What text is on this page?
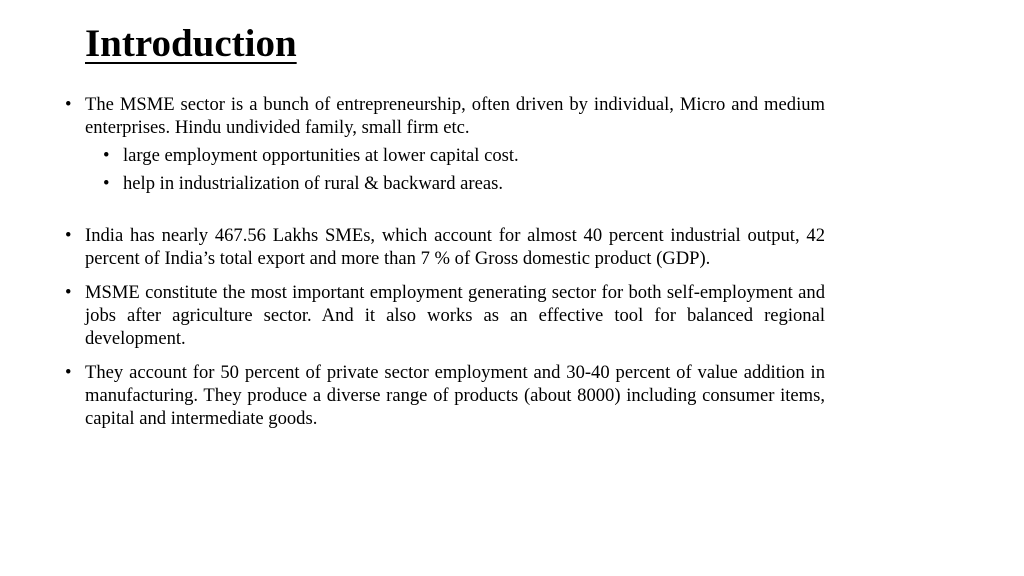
Introduction
• The MSME sector is a bunch of entrepreneurship, often driven by individual, Micro and medium enterprises. Hindu undivided family, small firm etc.
• large employment opportunities at lower capital cost.
• help in industrialization of rural & backward areas.
• India has nearly 467.56 Lakhs SMEs, which account for almost 40 percent industrial output, 42 percent of India’s total export and more than 7 % of Gross domestic product (GDP).
• MSME constitute the most important employment generating sector for both self-employment and jobs after agriculture sector. And it also works as an effective tool for balanced regional development.
• They account for 50 percent of private sector employment and 30-40 percent of value addition in manufacturing. They produce a diverse range of products (about 8000) including consumer items, capital and intermediate goods.
